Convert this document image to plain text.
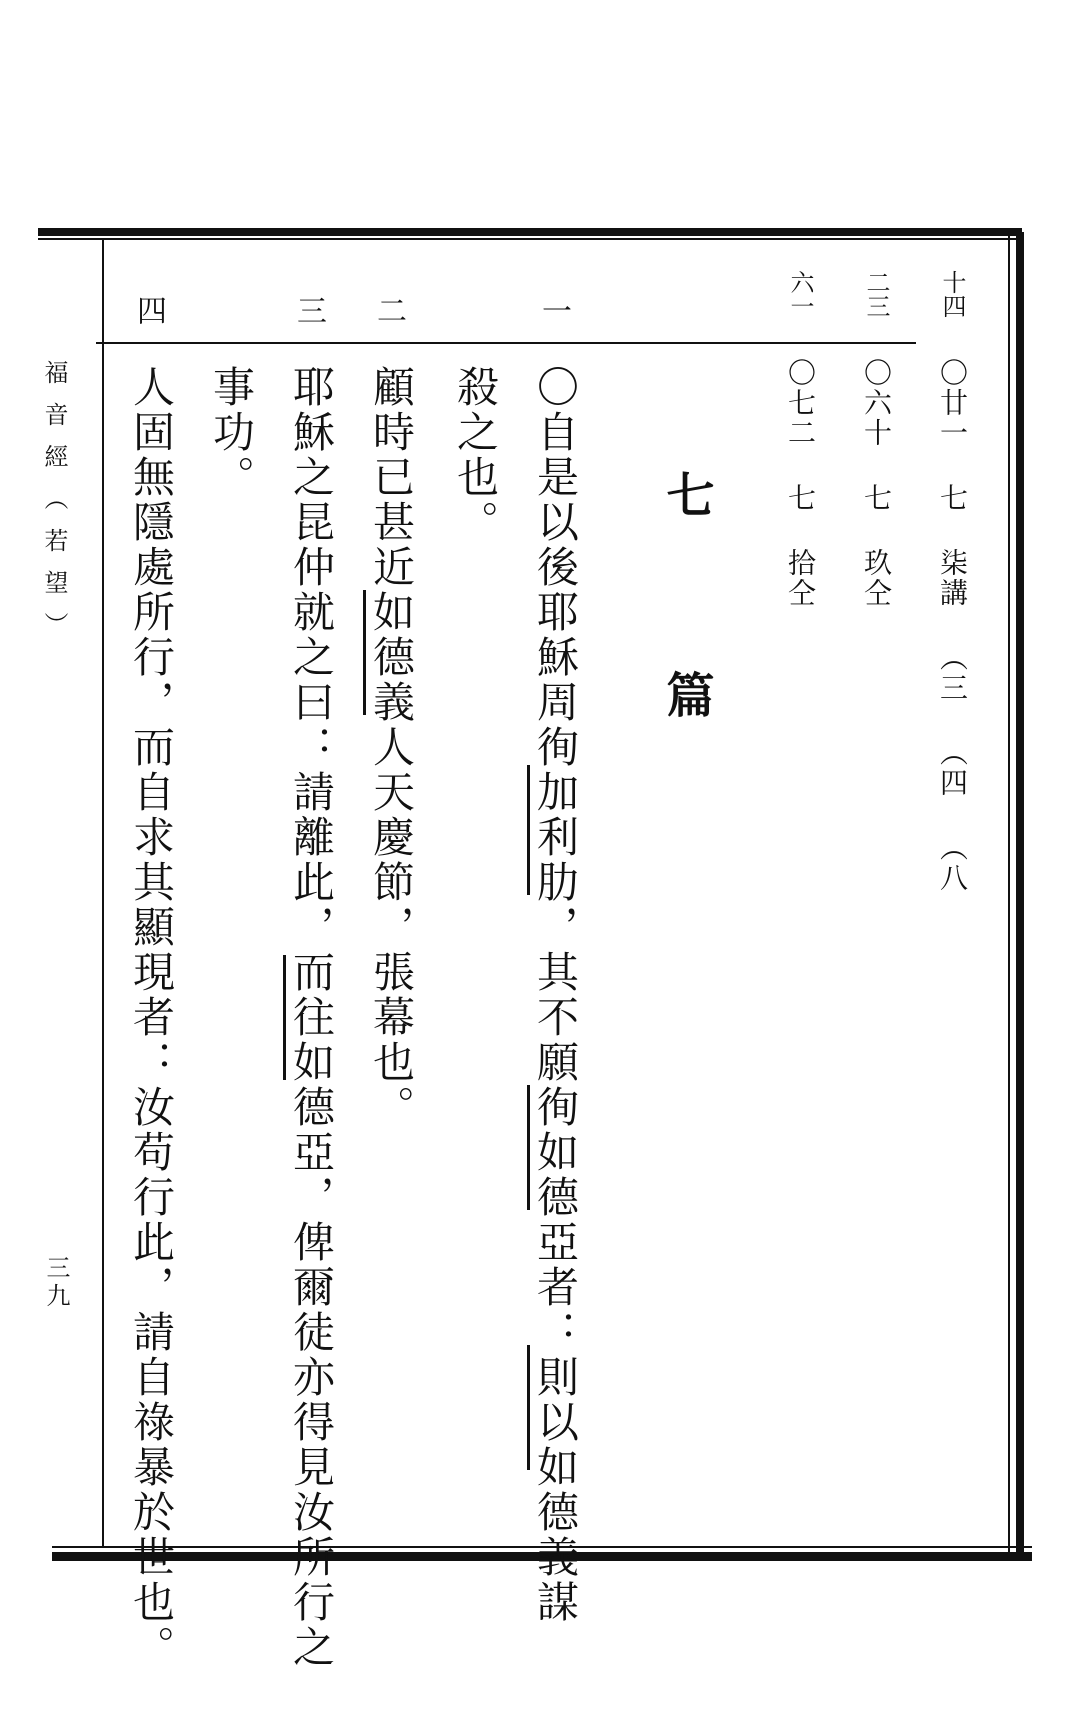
福音經（若望）
三九
十四
〇廿一 七 柒講 （三 （四 （八
二三
〇六十 七 玖仝
六一
〇七二 七 拾仝
七 篇
一
二
三
四
〇自是以後耶穌周徇加利肋，其不願徇如德亞者：則以如德義謀
殺之也。
顧時已甚近如德義人天慶節，張幕也。
耶穌之昆仲就之曰：請離此，而往如德亞，俾爾徒亦得見汝所行之
事功。
人固無隱處所行，而自求其顯現者：汝苟行此，請自祿暴於世也。
